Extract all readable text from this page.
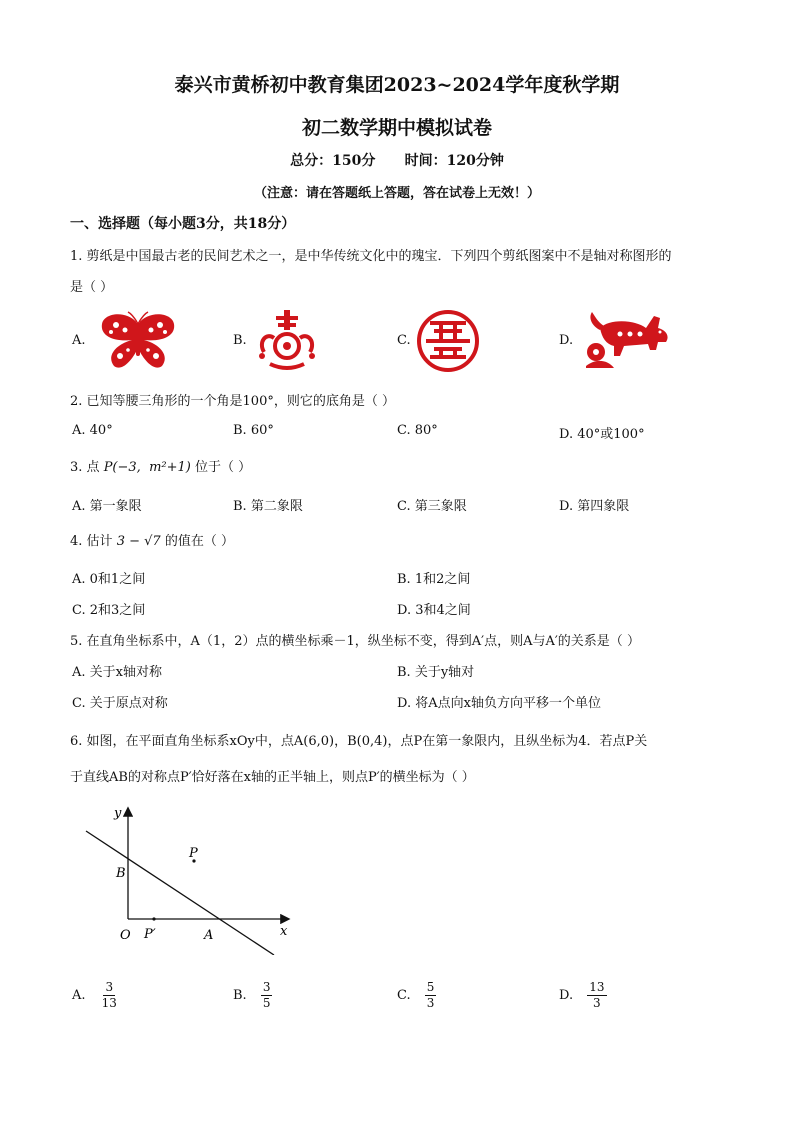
泰兴市黄桥初中教育集团2023~2024学年度秋学期
初二数学期中模拟试卷
总分：150分      时间：120分钟
（注意：请在答题纸上答题，答在试卷上无效！）
一、选择题（每小题3分，共18分）
1. 剪纸是中国最古老的民间艺术之一，是中华传统文化中的瑰宝．下列四个剪纸图案中不是轴对称图形的
是（ ）
A.	B.	C.	D.
2. 已知等腰三角形的一个角是100°，则它的底角是（ ）
A. 40°	B. 60°	C. 80°	D. 40°或100°
3. 点 P(−3,  m²+1) 位于（ ）
A. 第一象限	B. 第二象限	C. 第三象限	D. 第四象限
4. 估计 3 − √7 的值在（ ）
A. 0和1之间	B. 1和2之间
C. 2和3之间	D. 3和4之间
5. 在直角坐标系中，A（1，2）点的横坐标乘－1，纵坐标不变，得到A′点，则A与A′的关系是（ ）
A. 关于x轴对称	B. 关于y轴对
C. 关于原点对称	D. 将A点向x轴负方向平移一个单位
6. 如图，在平面直角坐标系xOy中，点A(6,0)，B(0,4)，点P在第一象限内，且纵坐标为4．若点P关
于直线AB的对称点P′恰好落在x轴的正半轴上，则点P′的横坐标为（ ）
y
x
O
B
A
P
P′
A. $\frac{3}{13}$	B. $\frac{3}{5}$	C. $\frac{5}{3}$	D. $\frac{13}{3}$
